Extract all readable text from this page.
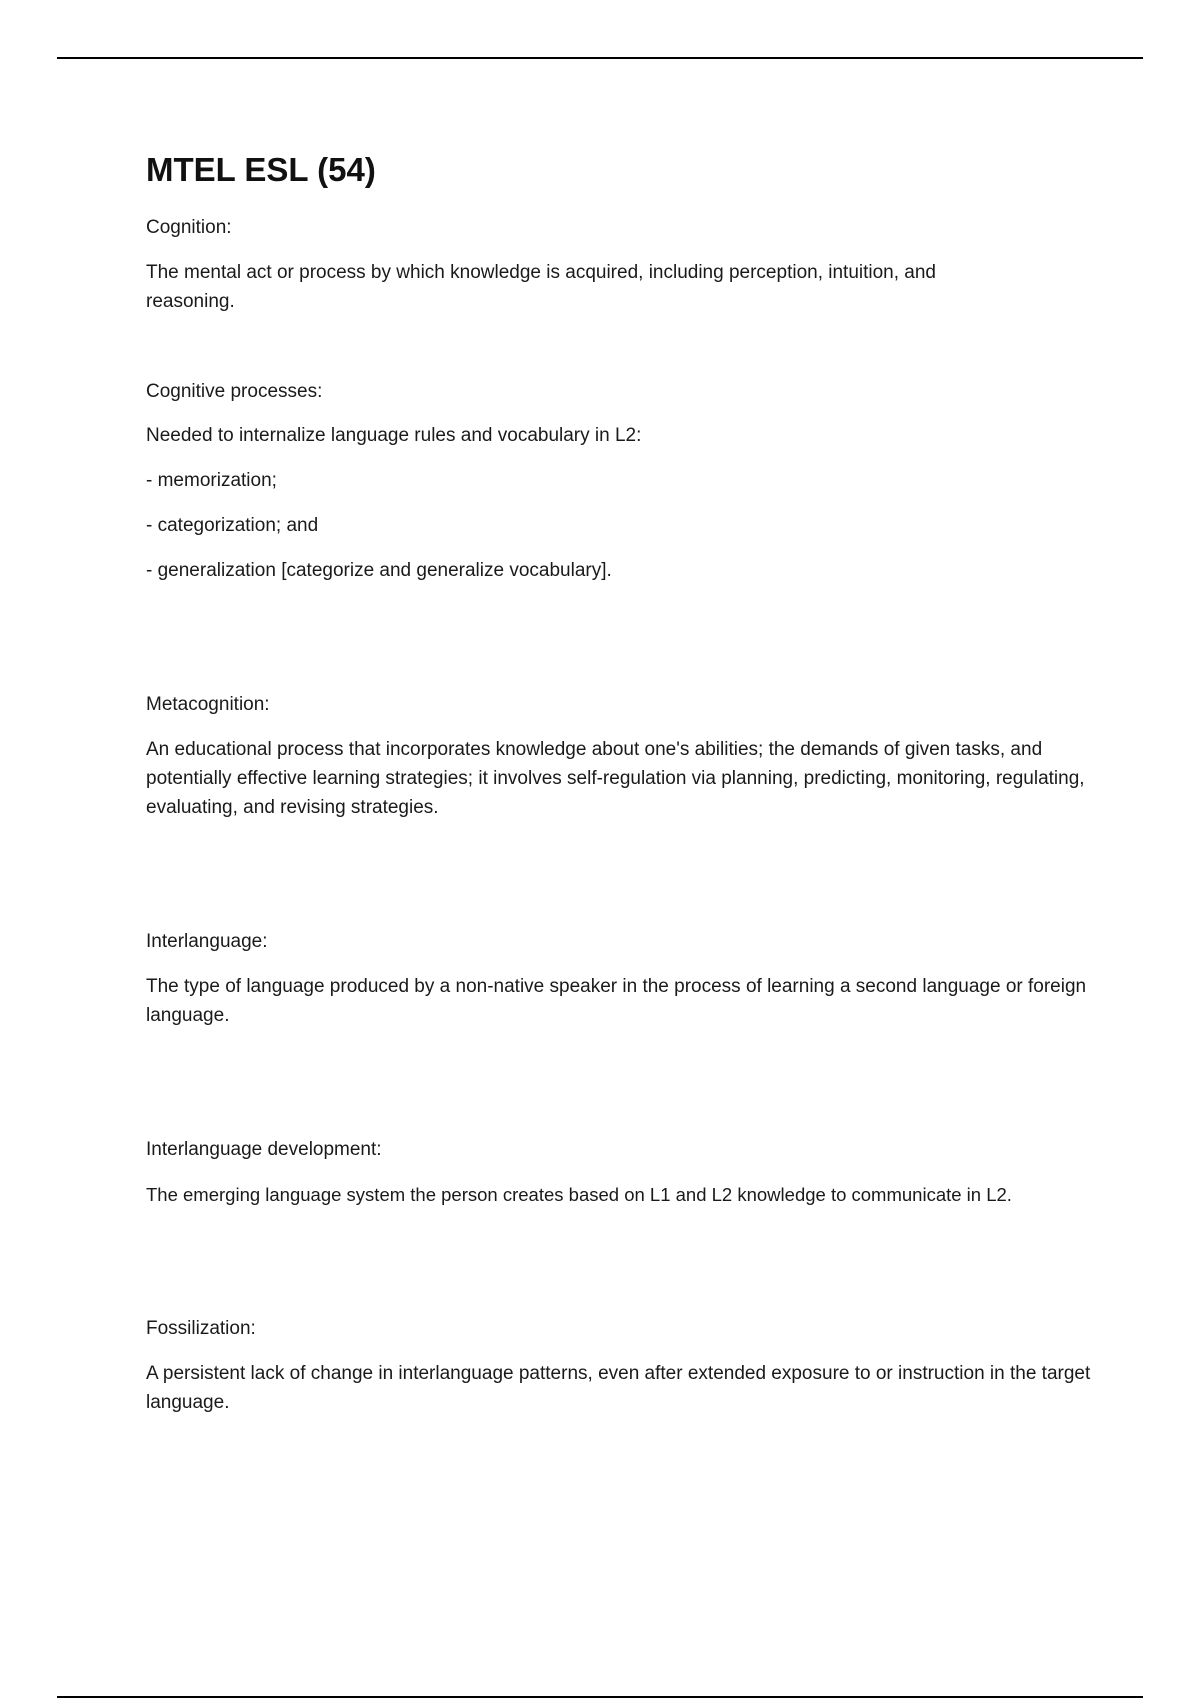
MTEL ESL (54)

Cognition:

The mental act or process by which knowledge is acquired, including perception, intuition, and reasoning.

Cognitive processes:

Needed to internalize language rules and vocabulary in L2:

- memorization;

- categorization; and

- generalization [categorize and generalize vocabulary].

Metacognition:

An educational process that incorporates knowledge about one's abilities; the demands of given tasks, and potentially effective learning strategies; it involves self-regulation via planning, predicting, monitoring, regulating, evaluating, and revising strategies.

Interlanguage:

The type of language produced by a non-native speaker in the process of learning a second language or foreign language.

Interlanguage development:

The emerging language system the person creates based on L1 and L2 knowledge to communicate in L2.

Fossilization:

A persistent lack of change in interlanguage patterns, even after extended exposure to or instruction in the target language.
